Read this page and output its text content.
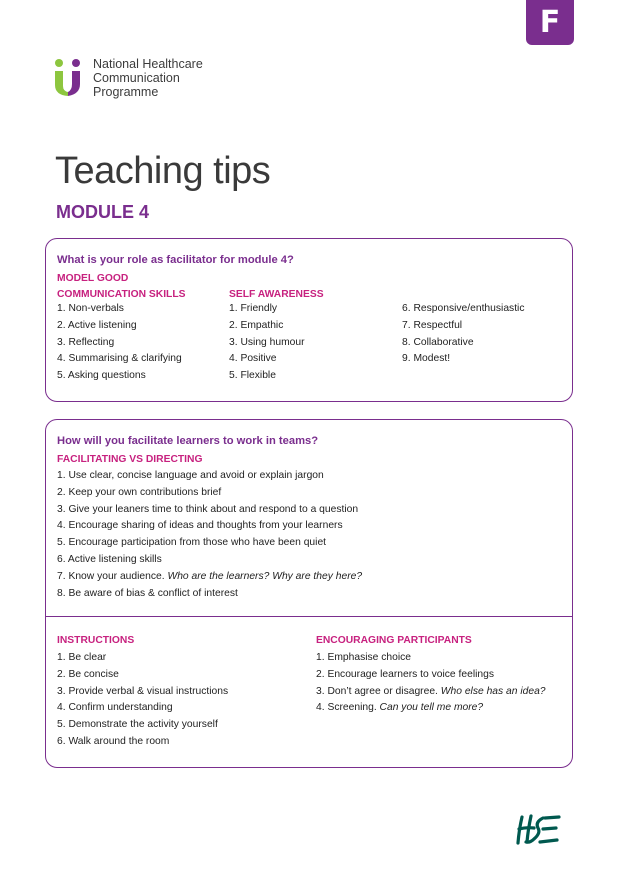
F
National Healthcare
Communication
Programme
Teaching tips
MODULE 4
What is your role as facilitator for module 4?
MODEL GOOD
COMMUNICATION SKILLS
1. Non-verbals
2. Active listening
3. Reflecting
4. Summarising & clarifying
5. Asking questions
SELF AWARENESS
1. Friendly
2. Empathic
3. Using humour
4. Positive
5. Flexible
6. Responsive/enthusiastic
7. Respectful
8. Collaborative
9. Modest!
How will you facilitate learners to work in teams?
FACILITATING VS DIRECTING
1. Use clear, concise language and avoid or explain jargon
2. Keep your own contributions brief
3. Give your leaners time to think about and respond to a question
4. Encourage sharing of ideas and thoughts from your learners
5. Encourage participation from those who have been quiet
6. Active listening skills
7. Know your audience. Who are the learners? Why are they here?
8. Be aware of bias & conflict of interest
INSTRUCTIONS
1. Be clear
2. Be concise
3. Provide verbal & visual instructions
4. Confirm understanding
5. Demonstrate the activity yourself
6. Walk around the room
ENCOURAGING PARTICIPANTS
1. Emphasise choice
2. Encourage learners to voice feelings
3. Don’t agree or disagree. Who else has an idea?
4. Screening. Can you tell me more?
